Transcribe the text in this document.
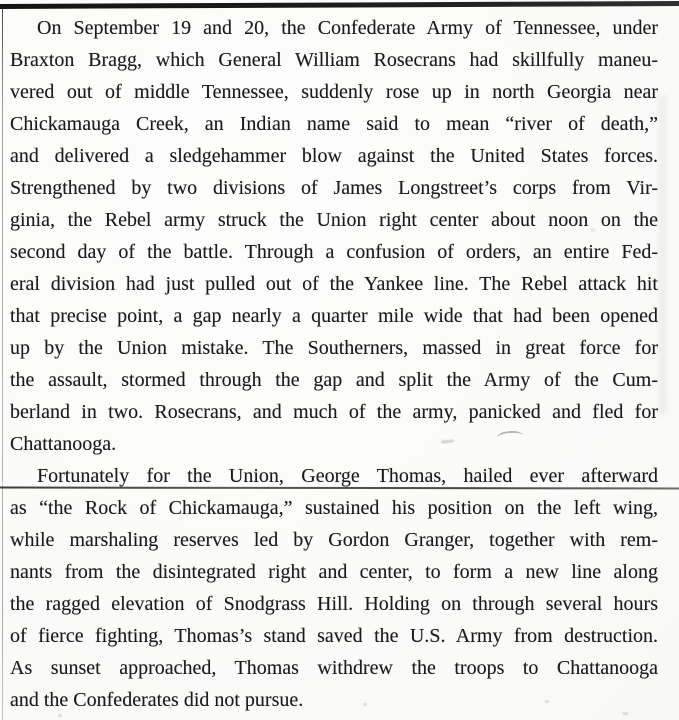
On September 19 and 20, the Confederate Army of Tennessee, under
Braxton Bragg, which General William Rosecrans had skillfully maneu-
vered out of middle Tennessee, suddenly rose up in north Georgia near
Chickamauga Creek, an Indian name said to mean “river of death,”
and delivered a sledgehammer blow against the United States forces.
Strengthened by two divisions of James Longstreet’s corps from Vir-
ginia, the Rebel army struck the Union right center about noon on the
second day of the battle. Through a confusion of orders, an entire Fed-
eral division had just pulled out of the Yankee line. The Rebel attack hit
that precise point, a gap nearly a quarter mile wide that had been opened
up by the Union mistake. The Southerners, massed in great force for
the assault, stormed through the gap and split the Army of the Cum-
berland in two. Rosecrans, and much of the army, panicked and fled for
Chattanooga.
Fortunately for the Union, George Thomas, hailed ever afterward
as “the Rock of Chickamauga,” sustained his position on the left wing,
while marshaling reserves led by Gordon Granger, together with rem-
nants from the disintegrated right and center, to form a new line along
the ragged elevation of Snodgrass Hill. Holding on through several hours
of fierce fighting, Thomas’s stand saved the U.S. Army from destruction.
As sunset approached, Thomas withdrew the troops to Chattanooga
and the Confederates did not pursue.
